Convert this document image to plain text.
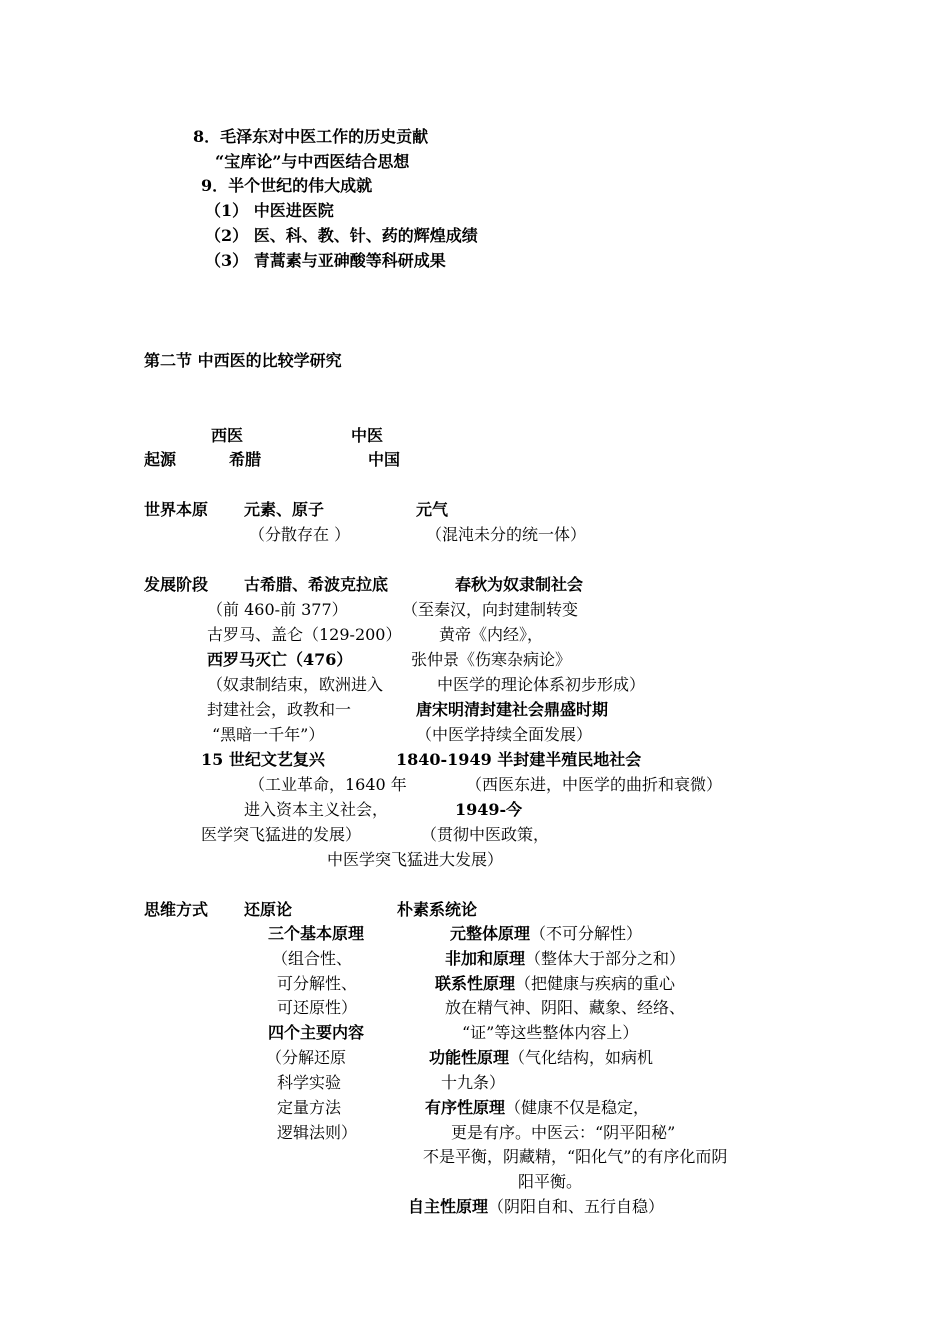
8．毛泽东对中医工作的历史贡献
“宝库论”与中西医结合思想
9．半个世纪的伟大成就
（1） 中医进医院
（2） 医、科、教、针、药的辉煌成绩
（3） 青蒿素与亚砷酸等科研成果
第二节 中西医的比较学研究
西医	中医
起源	希腊	中国
世界本原 元素、原子	元气
（分散存在 ）	（混沌未分的统一体）
发展阶段 古希腊、希波克拉底	春秋为奴隶制社会
（前 460-前 377）	（至秦汉，向封建制转变
古罗马、盖仑（129-200） 黄帝《内经》，
西罗马灭亡（476）	张仲景《伤寒杂病论》
（奴隶制结束，欧洲进入	中医学的理论体系初步形成）
封建社会，政教和一	唐宋明清封建社会鼎盛时期
“黑暗一千年”）	（中医学持续全面发展）
15 世纪文艺复兴	1840-1949 半封建半殖民地社会
（工业革命，1640 年	（西医东进，中医学的曲折和衰微）
进入资本主义社会，	1949-今
医学突飞猛进的发展）	（贯彻中医政策，
中医学突飞猛进大发展）
思维方式 还原论	朴素系统论
三个基本原理	元整体原理（不可分解性）
（组合性、	非加和原理（整体大于部分之和）
可分解性、	联系性原理（把健康与疾病的重心
可还原性）	放在精气神、阴阳、藏象、经络、
四个主要内容	“证”等这些整体内容上）
（分解还原	功能性原理（气化结构，如病机
科学实验	十九条）
定量方法	有序性原理（健康不仅是稳定，
逻辑法则）	更是有序。中医云：“阴平阳秘”
不是平衡，阴藏精，“阳化气”的有序化而阴
阳平衡。
自主性原理（阴阳自和、五行自稳）
